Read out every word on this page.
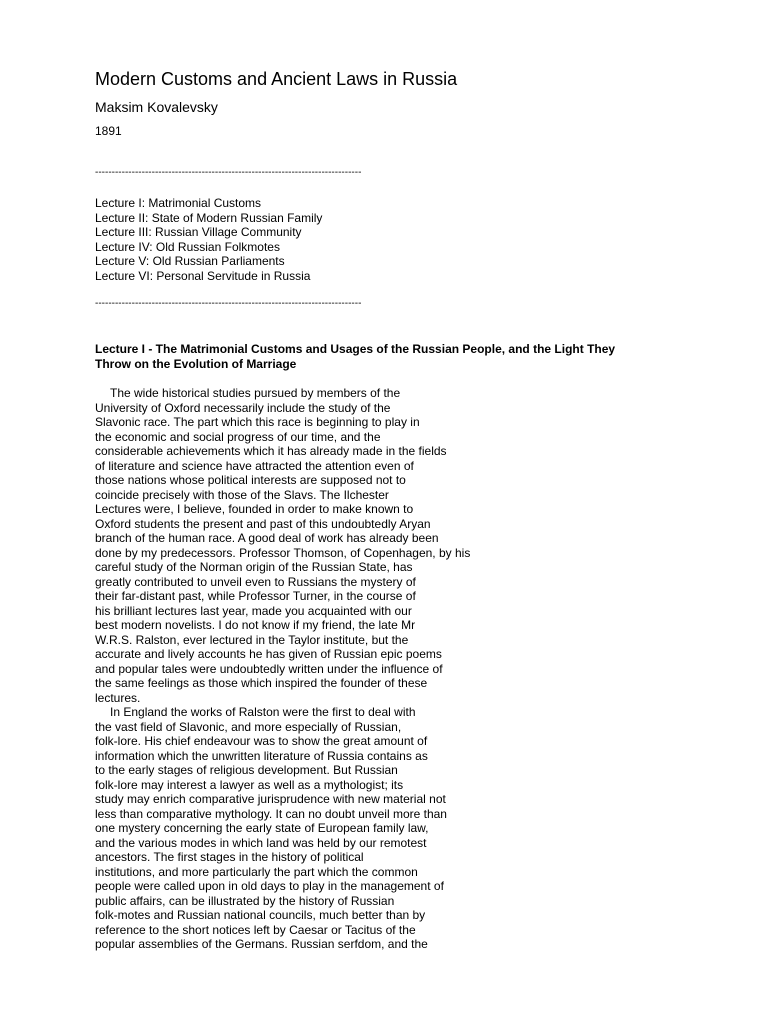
Modern Customs and Ancient Laws in Russia
Maksim Kovalevsky
1891
--------------------------------------------------------------------------------
Lecture I: Matrimonial Customs
Lecture II: State of Modern Russian Family
Lecture III: Russian Village Community
Lecture IV: Old Russian Folkmotes
Lecture V: Old Russian Parliaments
Lecture VI: Personal Servitude in Russia
--------------------------------------------------------------------------------
Lecture I - The Matrimonial Customs and Usages of the Russian People, and the Light They
Throw on the Evolution of Marriage
The wide historical studies pursued by members of the
University of Oxford necessarily include the study of the
Slavonic race. The part which this race is beginning to play in
the economic and social progress of our time, and the
considerable achievements which it has already made in the fields
of literature and science have attracted the attention even of
those nations whose political interests are supposed not to
coincide precisely with those of the Slavs. The Ilchester
Lectures were, I believe, founded in order to make known to
Oxford students the present and past of this undoubtedly Aryan
branch of the human race. A good deal of work has already been
done by my predecessors. Professor Thomson, of Copenhagen, by his
careful study of the Norman origin of the Russian State, has
greatly contributed to unveil even to Russians the mystery of
their far-distant past, while Professor Turner, in the course of
his brilliant lectures last year, made you acquainted with our
best modern novelists. I do not know if my friend, the late Mr
W.R.S. Ralston, ever lectured in the Taylor institute, but the
accurate and lively accounts he has given of Russian epic poems
and popular tales were undoubtedly written under the influence of
the same feelings as those which inspired the founder of these
lectures.
In England the works of Ralston were the first to deal with
the vast field of Slavonic, and more especially of Russian,
folk-lore. His chief endeavour was to show the great amount of
information which the unwritten literature of Russia contains as
to the early stages of religious development. But Russian
folk-lore may interest a lawyer as well as a mythologist; its
study may enrich comparative jurisprudence with new material not
less than comparative mythology. It can no doubt unveil more than
one mystery concerning the early state of European family law,
and the various modes in which land was held by our remotest
ancestors. The first stages in the history of political
institutions, and more particularly the part which the common
people were called upon in old days to play in the management of
public affairs, can be illustrated by the history of Russian
folk-motes and Russian national councils, much better than by
reference to the short notices left by Caesar or Tacitus of the
popular assemblies of the Germans. Russian serfdom, and the
